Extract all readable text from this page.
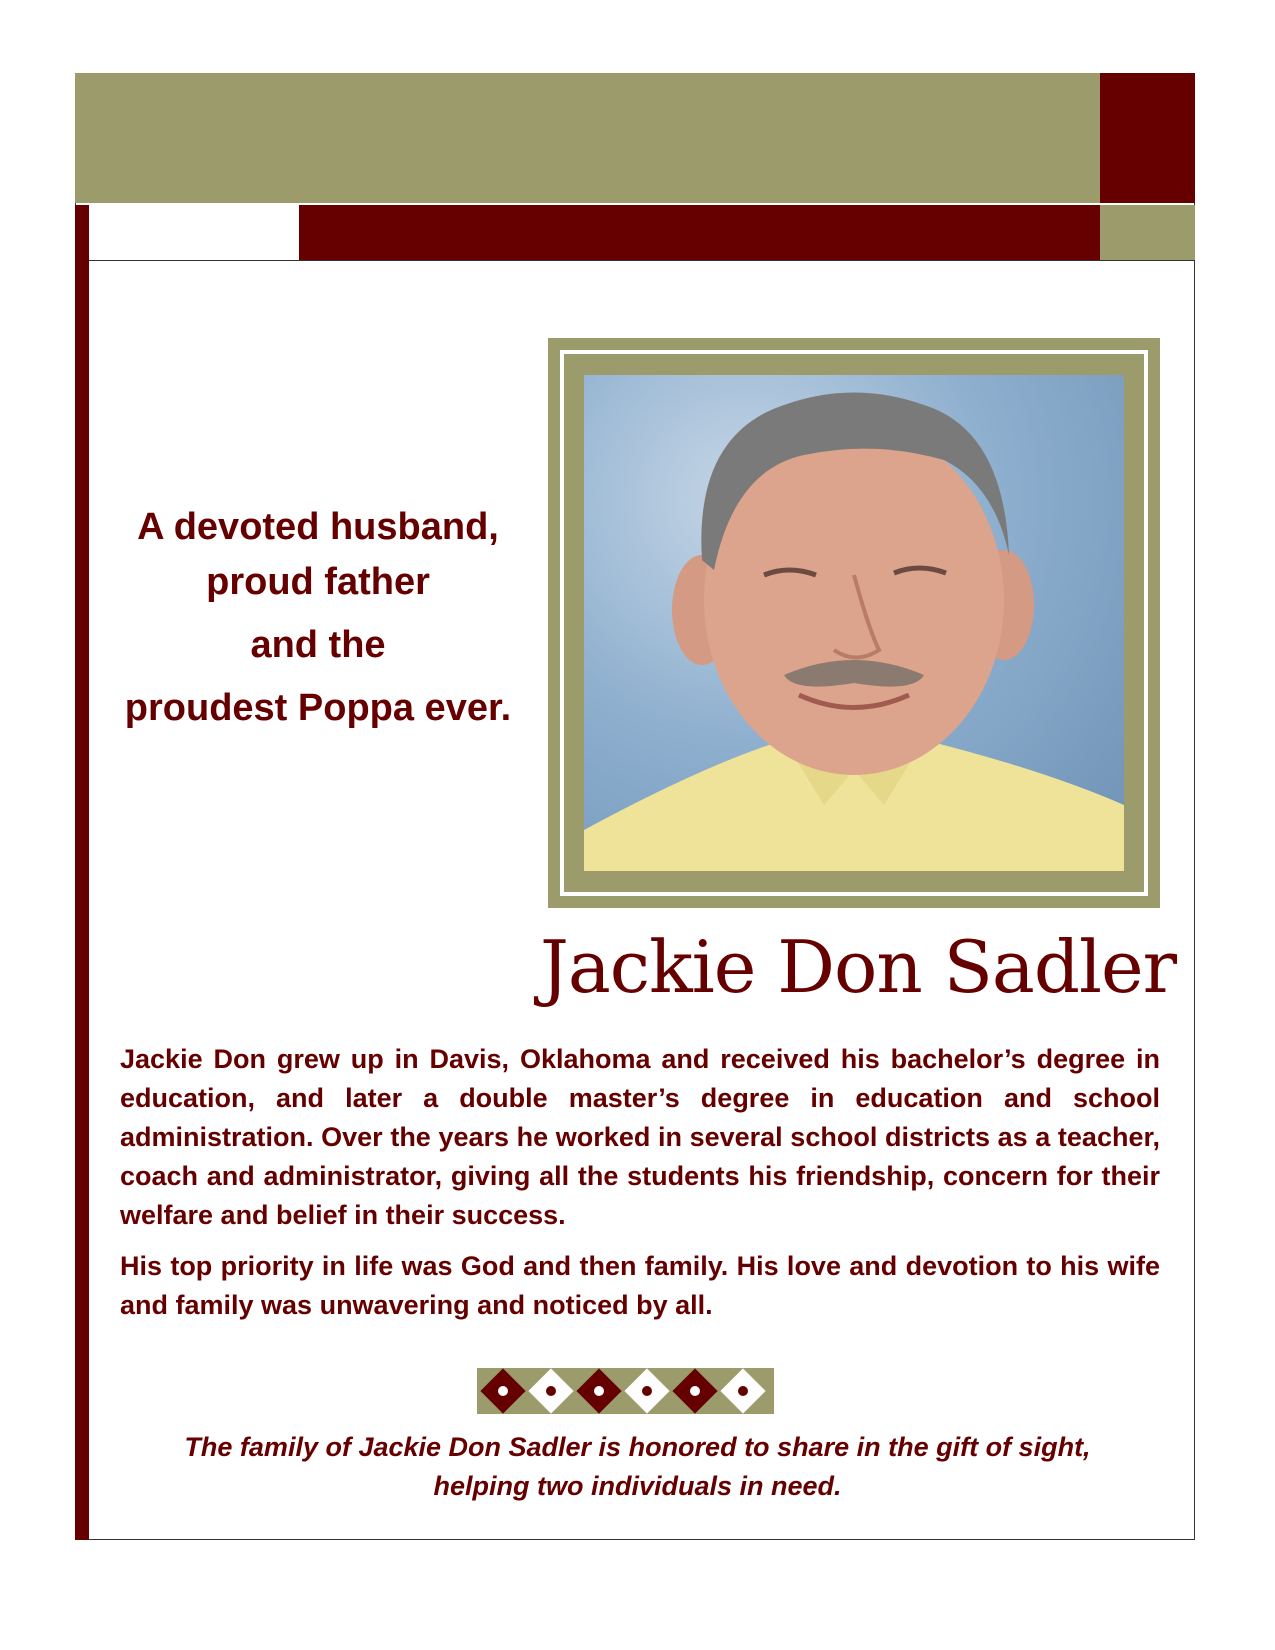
A devoted husband,
proud father
and the
proudest Poppa ever.
Jackie Don Sadler

Jackie Don grew up in Davis, Oklahoma and received his bachelor’s degree in education, and later a double master’s degree in education and school administration. Over the years he worked in several school districts as a teacher, coach and administrator, giving all the students his friendship, concern for their welfare and belief in their success.

His top priority in life was God and then family. His love and devotion to his wife and family was unwavering and noticed by all.

The family of Jackie Don Sadler is honored to share in the gift of sight,
helping two individuals in need.
